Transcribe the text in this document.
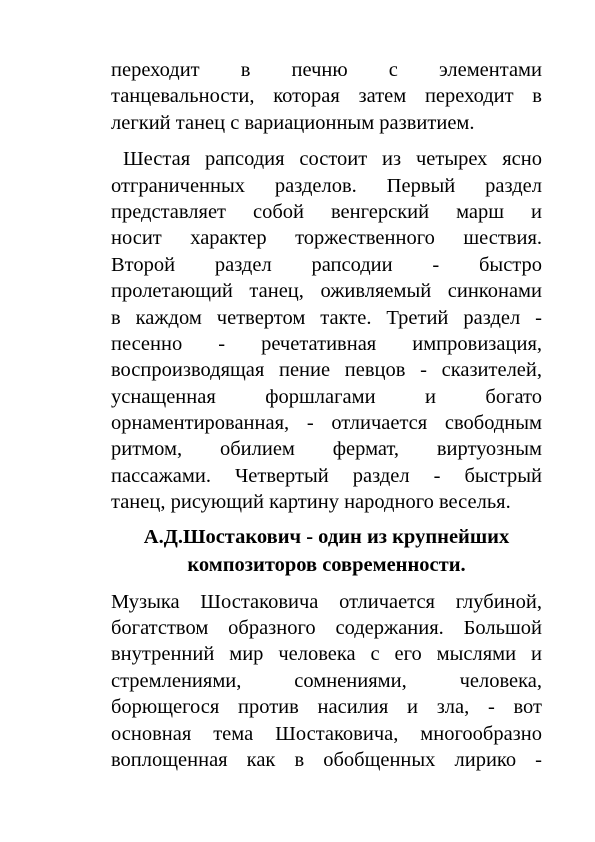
переходит в печню с элементами
танцевальности, которая затем переходит в
легкий танец с вариационным развитием.
Шестая рапсодия состоит из четырех ясно
отграниченных разделов. Первый раздел
представляет собой венгерский марш и
носит характер торжественного шествия.
Второй раздел рапсодии - быстро
пролетающий танец, оживляемый синконами
в каждом четвертом такте. Третий раздел -
песенно - речетативная импровизация,
воспроизводящая пение певцов - сказителей,
уснащенная форшлагами и богато
орнаментированная, - отличается свободным
ритмом, обилием фермат, виртуозным
пассажами. Четвертый раздел - быстрый
танец, рисующий картину народного веселья.
А.Д.Шостакович - один из крупнейших
композиторов современности.
Музыка Шостаковича отличается глубиной,
богатством образного содержания. Большой
внутренний мир человека с его мыслями и
стремлениями, сомнениями, человека,
борющегося против насилия и зла, - вот
основная тема Шостаковича, многообразно
воплощенная как в обобщенных лирико -
